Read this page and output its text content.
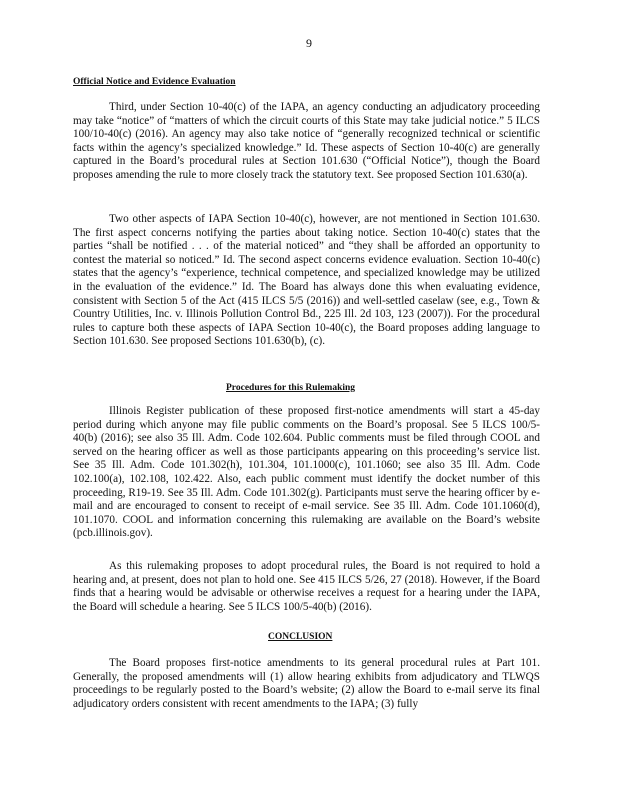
9
Official Notice and Evidence Evaluation

Third, under Section 10-40(c) of the IAPA, an agency conducting an adjudicatory proceeding may take “notice” of “matters of which the circuit courts of this State may take judicial notice.” 5 ILCS 100/10-40(c) (2016). An agency may also take notice of “generally recognized technical or scientific facts within the agency’s specialized knowledge.” Id. These aspects of Section 10-40(c) are generally captured in the Board’s procedural rules at Section 101.630 (“Official Notice”), though the Board proposes amending the rule to more closely track the statutory text. See proposed Section 101.630(a).

Two other aspects of IAPA Section 10-40(c), however, are not mentioned in Section 101.630. The first aspect concerns notifying the parties about taking notice. Section 10-40(c) states that the parties “shall be notified . . . of the material noticed” and “they shall be afforded an opportunity to contest the material so noticed.” Id. The second aspect concerns evidence evaluation. Section 10-40(c) states that the agency’s “experience, technical competence, and specialized knowledge may be utilized in the evaluation of the evidence.” Id. The Board has always done this when evaluating evidence, consistent with Section 5 of the Act (415 ILCS 5/5 (2016)) and well-settled caselaw (see, e.g., Town & Country Utilities, Inc. v. Illinois Pollution Control Bd., 225 Ill. 2d 103, 123 (2007)). For the procedural rules to capture both these aspects of IAPA Section 10-40(c), the Board proposes adding language to Section 101.630. See proposed Sections 101.630(b), (c).

Procedures for this Rulemaking

Illinois Register publication of these proposed first-notice amendments will start a 45-day period during which anyone may file public comments on the Board’s proposal. See 5 ILCS 100/5-40(b) (2016); see also 35 Ill. Adm. Code 102.604. Public comments must be filed through COOL and served on the hearing officer as well as those participants appearing on this proceeding’s service list. See 35 Ill. Adm. Code 101.302(h), 101.304, 101.1000(c), 101.1060; see also 35 Ill. Adm. Code 102.100(a), 102.108, 102.422. Also, each public comment must identify the docket number of this proceeding, R19-19. See 35 Ill. Adm. Code 101.302(g). Participants must serve the hearing officer by e-mail and are encouraged to consent to receipt of e-mail service. See 35 Ill. Adm. Code 101.1060(d), 101.1070. COOL and information concerning this rulemaking are available on the Board’s website (pcb.illinois.gov).

As this rulemaking proposes to adopt procedural rules, the Board is not required to hold a hearing and, at present, does not plan to hold one. See 415 ILCS 5/26, 27 (2018). However, if the Board finds that a hearing would be advisable or otherwise receives a request for a hearing under the IAPA, the Board will schedule a hearing. See 5 ILCS 100/5-40(b) (2016).

CONCLUSION

The Board proposes first-notice amendments to its general procedural rules at Part 101. Generally, the proposed amendments will (1) allow hearing exhibits from adjudicatory and TLWQS proceedings to be regularly posted to the Board’s website; (2) allow the Board to e-mail serve its final adjudicatory orders consistent with recent amendments to the IAPA; (3) fully
